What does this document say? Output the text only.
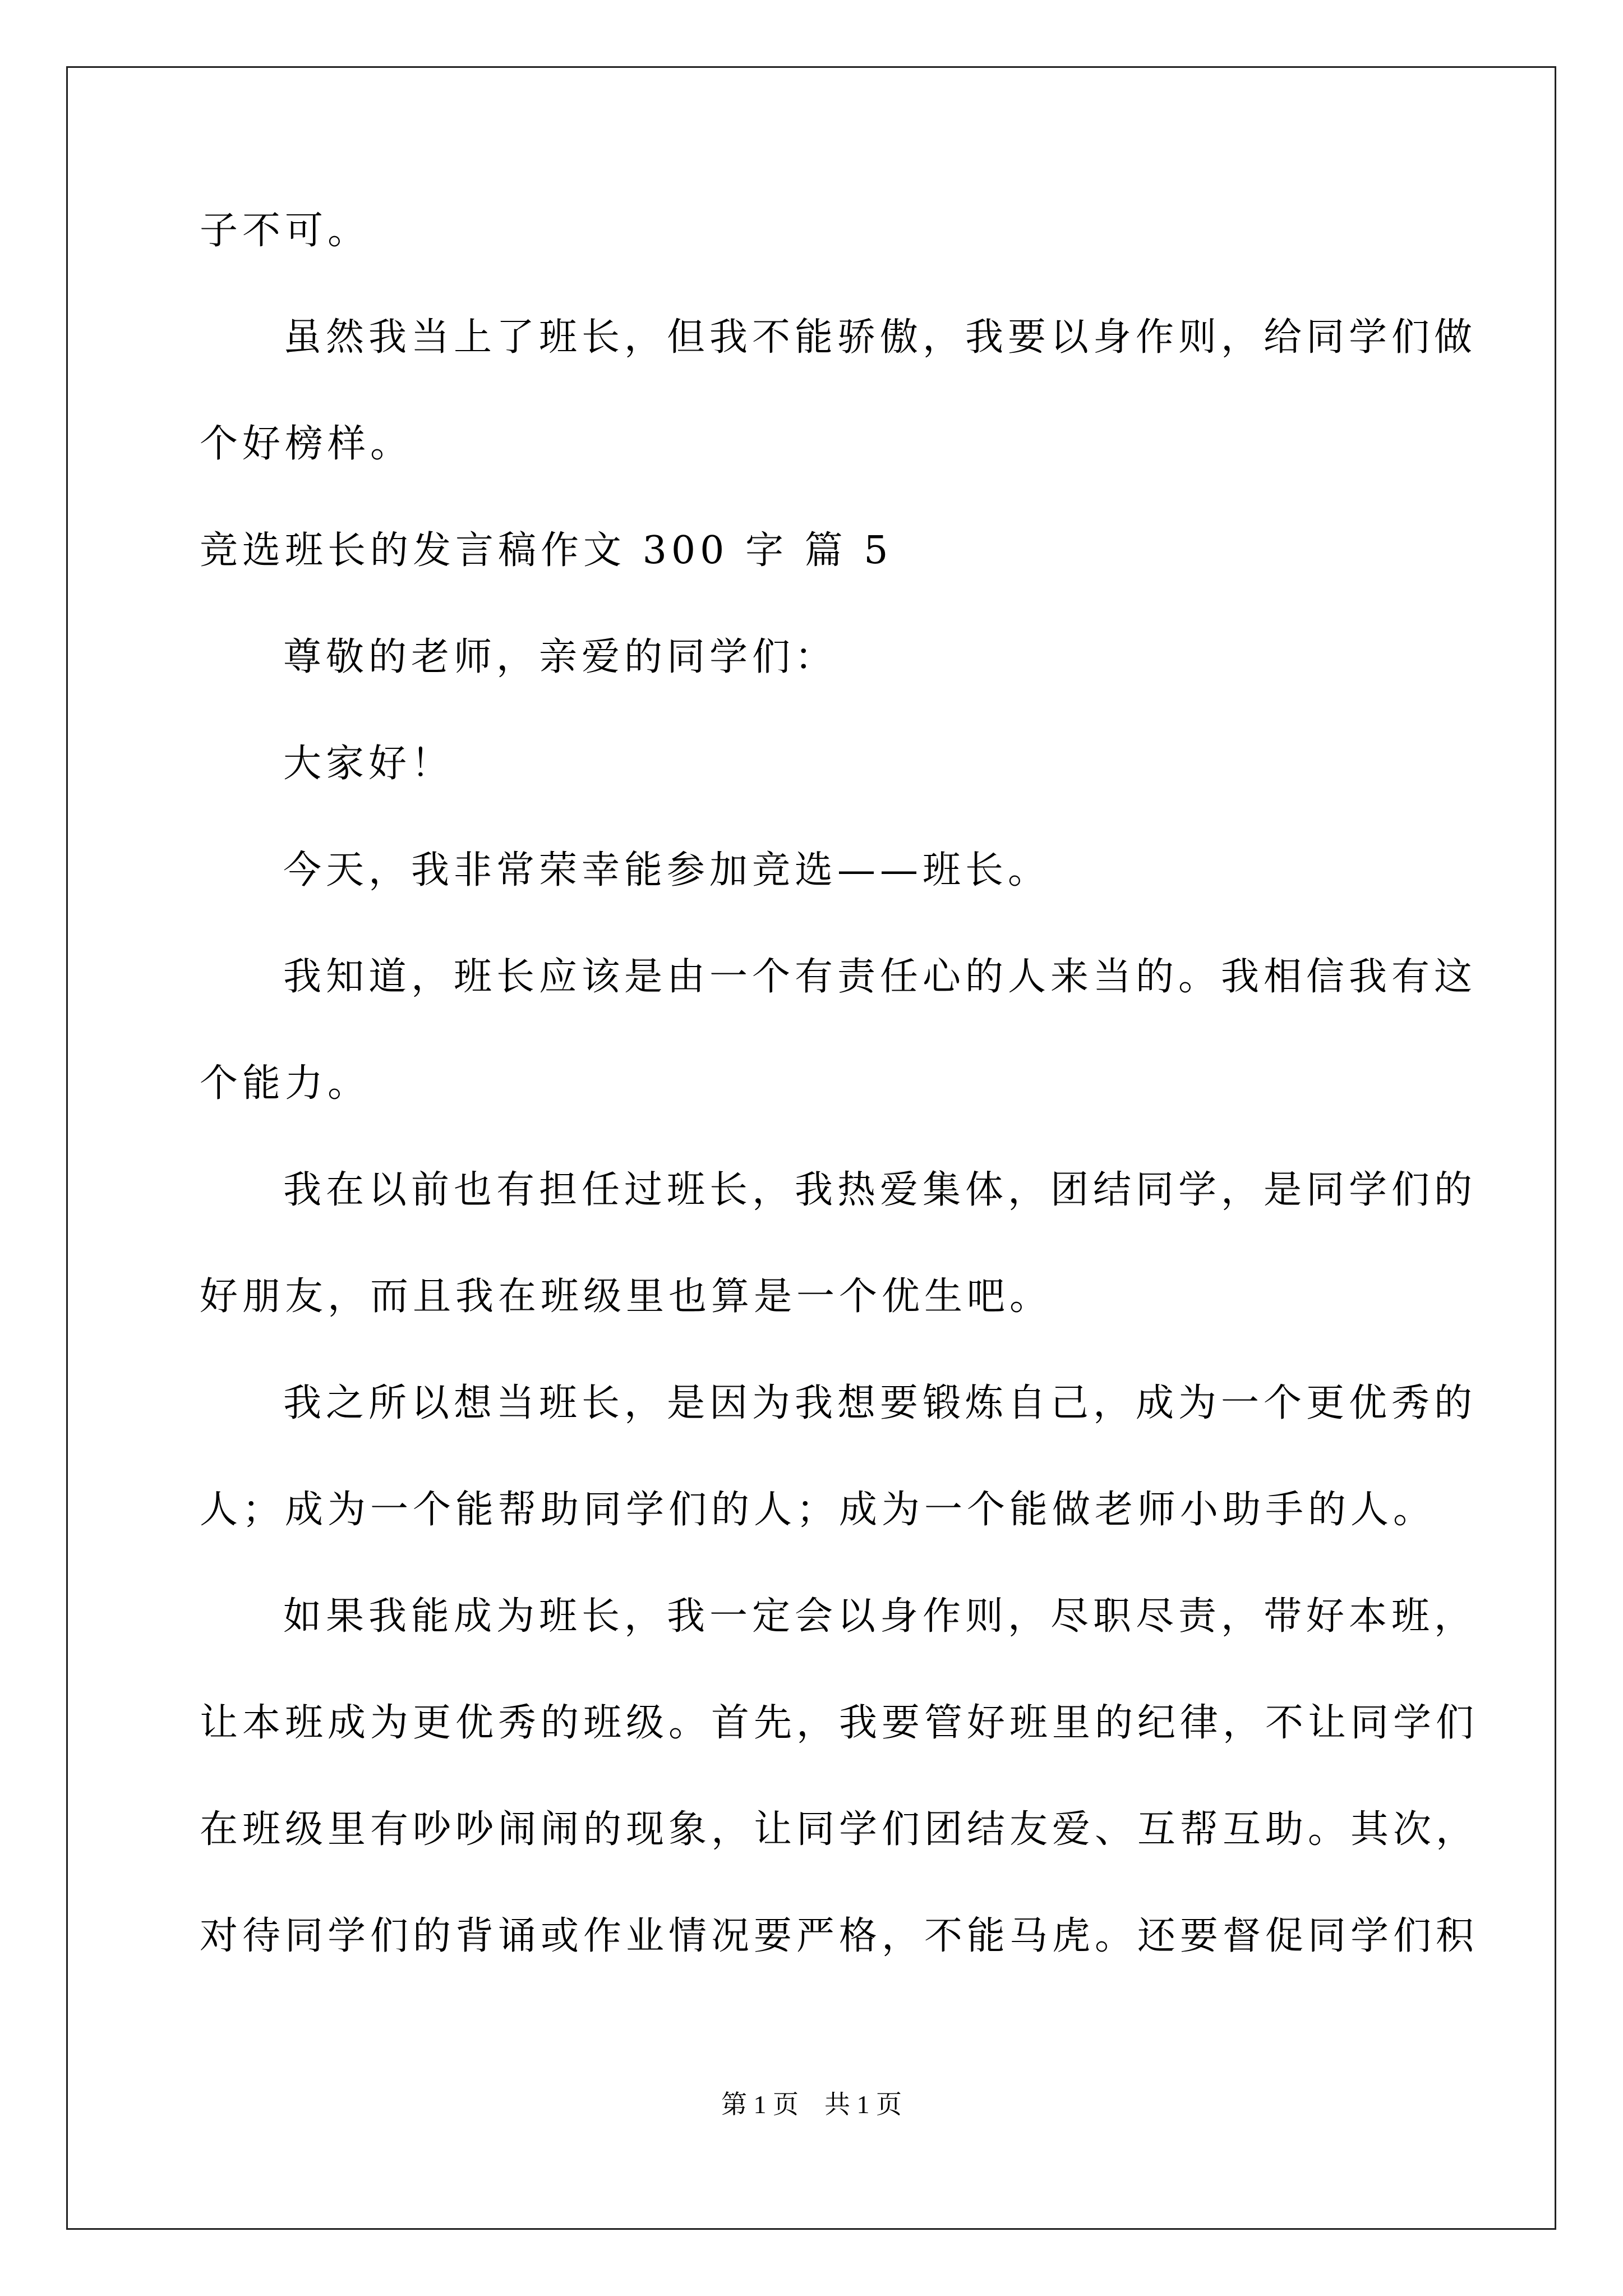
子不可。
虽然我当上了班长，但我不能骄傲，我要以身作则，给同学们做
个好榜样。
竞选班长的发言稿作文 300 字 篇 5
尊敬的老师，亲爱的同学们：
大家好！
今天，我非常荣幸能参加竞选——班长。
我知道，班长应该是由一个有责任心的人来当的。我相信我有这
个能力。
我在以前也有担任过班长，我热爱集体，团结同学，是同学们的
好朋友，而且我在班级里也算是一个优生吧。
我之所以想当班长，是因为我想要锻炼自己，成为一个更优秀的
人；成为一个能帮助同学们的人；成为一个能做老师小助手的人。
如果我能成为班长，我一定会以身作则，尽职尽责，带好本班，
让本班成为更优秀的班级。首先，我要管好班里的纪律，不让同学们
在班级里有吵吵闹闹的现象，让同学们团结友爱、互帮互助。其次，
对待同学们的背诵或作业情况要严格，不能马虎。还要督促同学们积
第 1 页    共 1 页
